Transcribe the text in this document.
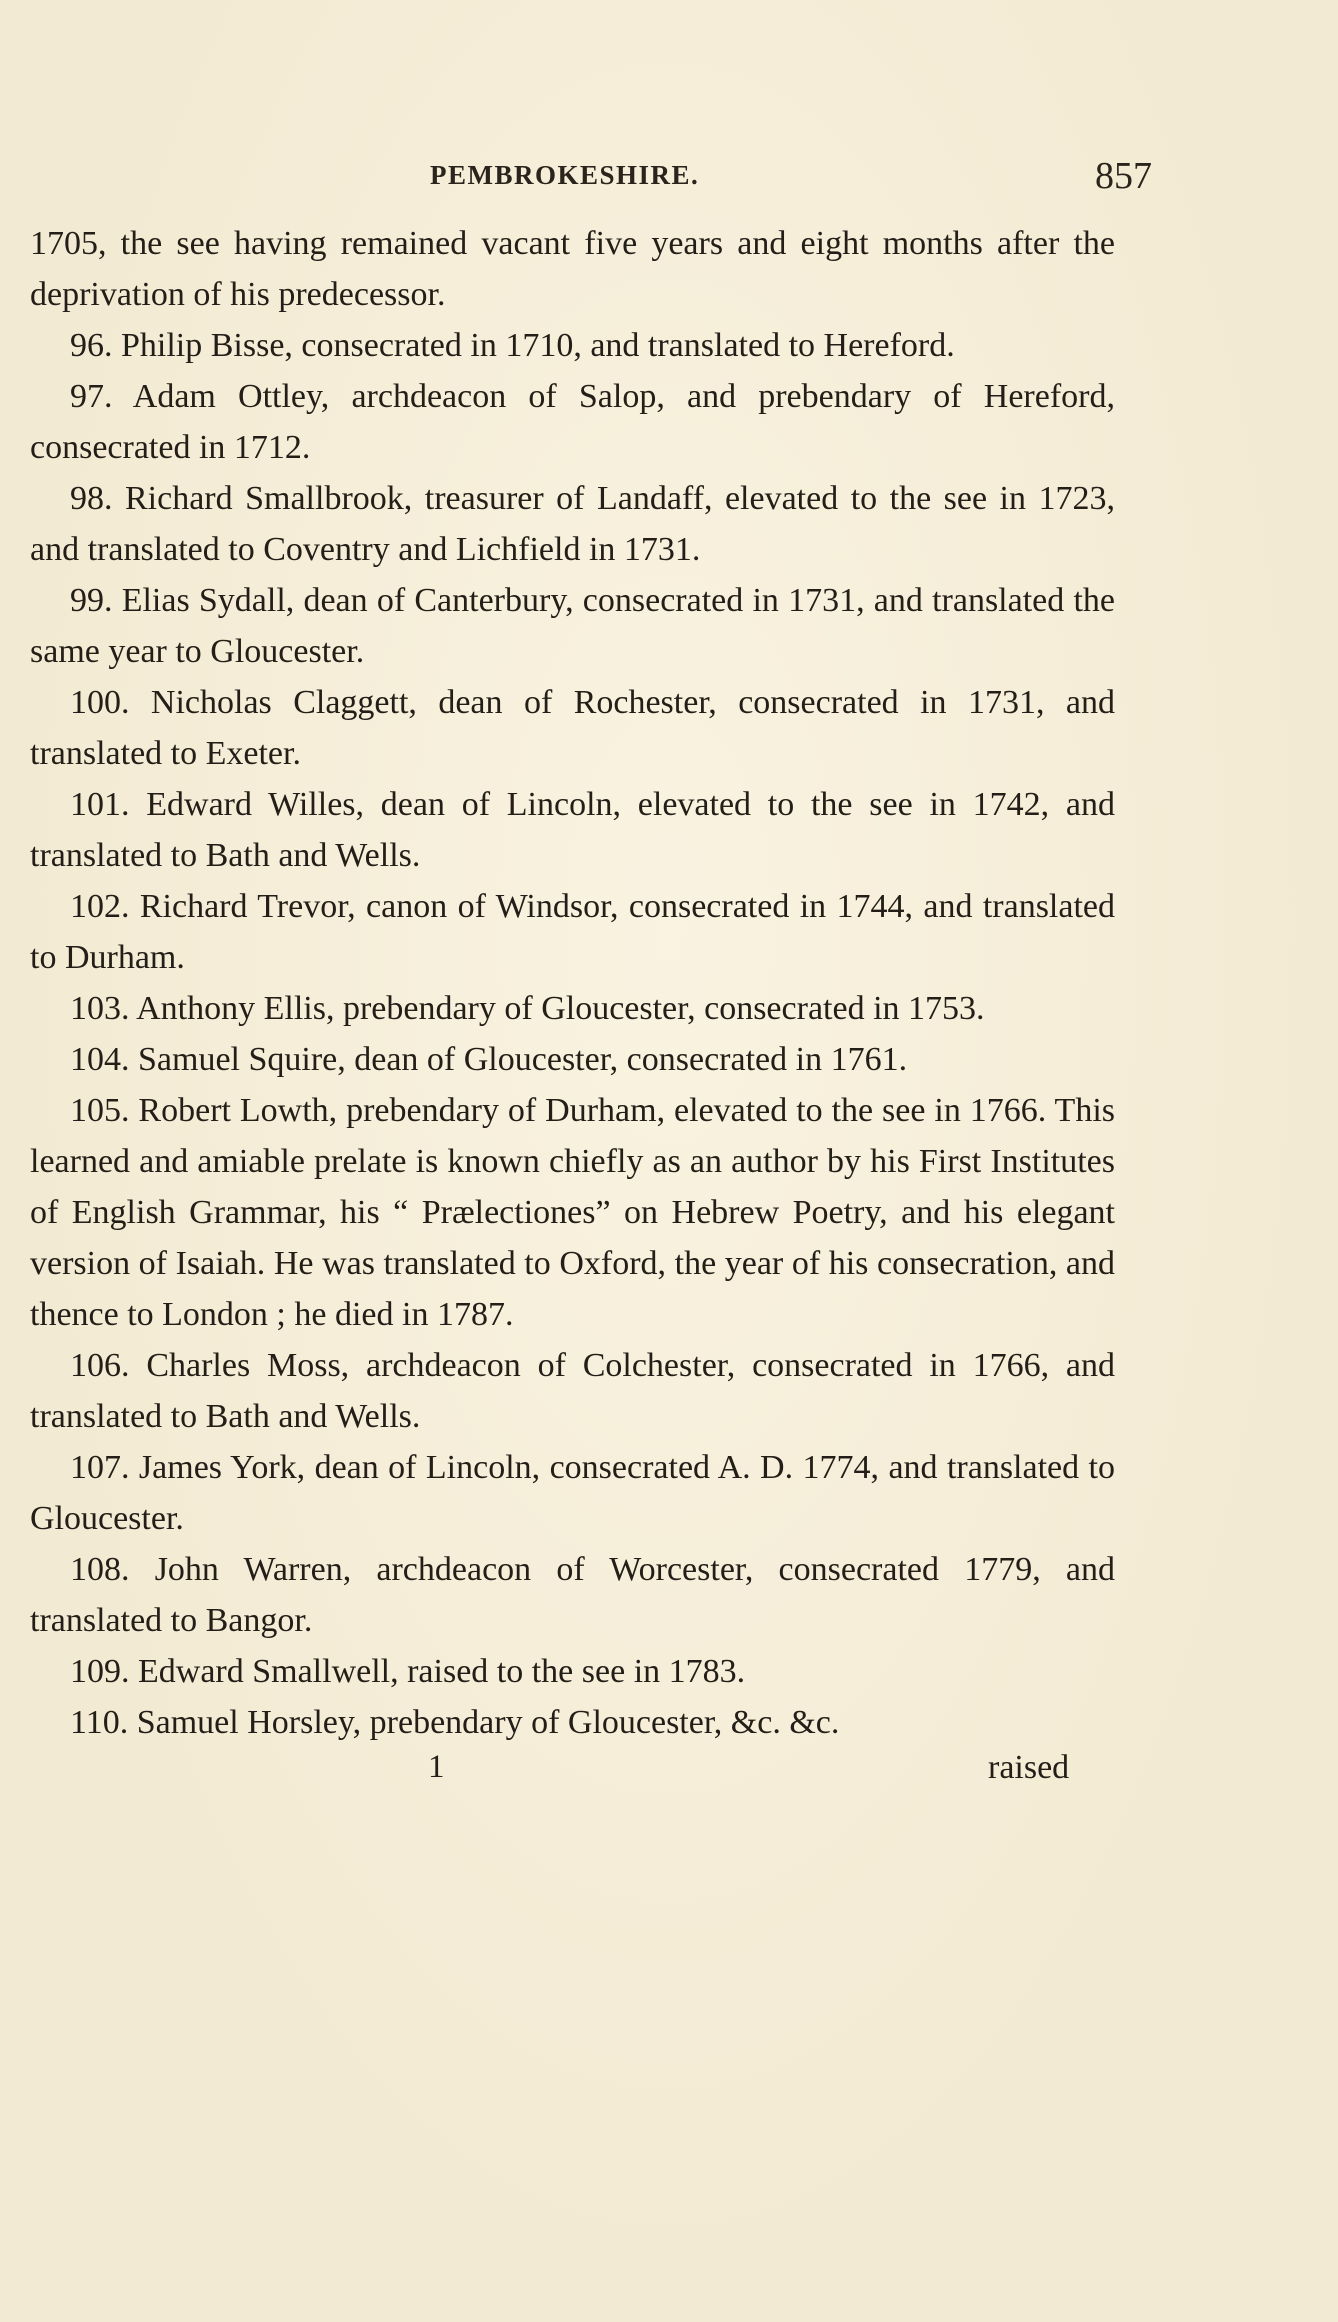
PEMBROKESHIRE.	857

1705, the see having remained vacant five years and eight months after the deprivation of his predecessor.

96. Philip Bisse, consecrated in 1710, and translated to Hereford.

97. Adam Ottley, archdeacon of Salop, and prebendary of Hereford, consecrated in 1712.

98. Richard Smallbrook, treasurer of Landaff, elevated to the see in 1723, and translated to Coventry and Lichfield in 1731.

99. Elias Sydall, dean of Canterbury, consecrated in 1731, and translated the same year to Gloucester.

100. Nicholas Claggett, dean of Rochester, consecrated in 1731, and translated to Exeter.

101. Edward Willes, dean of Lincoln, elevated to the see in 1742, and translated to Bath and Wells.

102. Richard Trevor, canon of Windsor, consecrated in 1744, and translated to Durham.

103. Anthony Ellis, prebendary of Gloucester, consecrated in 1753.

104. Samuel Squire, dean of Gloucester, consecrated in 1761.

105. Robert Lowth, prebendary of Durham, elevated to the see in 1766. This learned and amiable prelate is known chiefly as an author by his First Institutes of English Grammar, his “ Prælectiones” on Hebrew Poetry, and his elegant version of Isaiah. He was translated to Oxford, the year of his consecration, and thence to London ; he died in 1787.

106. Charles Moss, archdeacon of Colchester, consecrated in 1766, and translated to Bath and Wells.

107. James York, dean of Lincoln, consecrated A. D. 1774, and translated to Gloucester.

108. John Warren, archdeacon of Worcester, consecrated 1779, and translated to Bangor.

109. Edward Smallwell, raised to the see in 1783.

110. Samuel Horsley, prebendary of Gloucester, &c. &c.

1	raised
